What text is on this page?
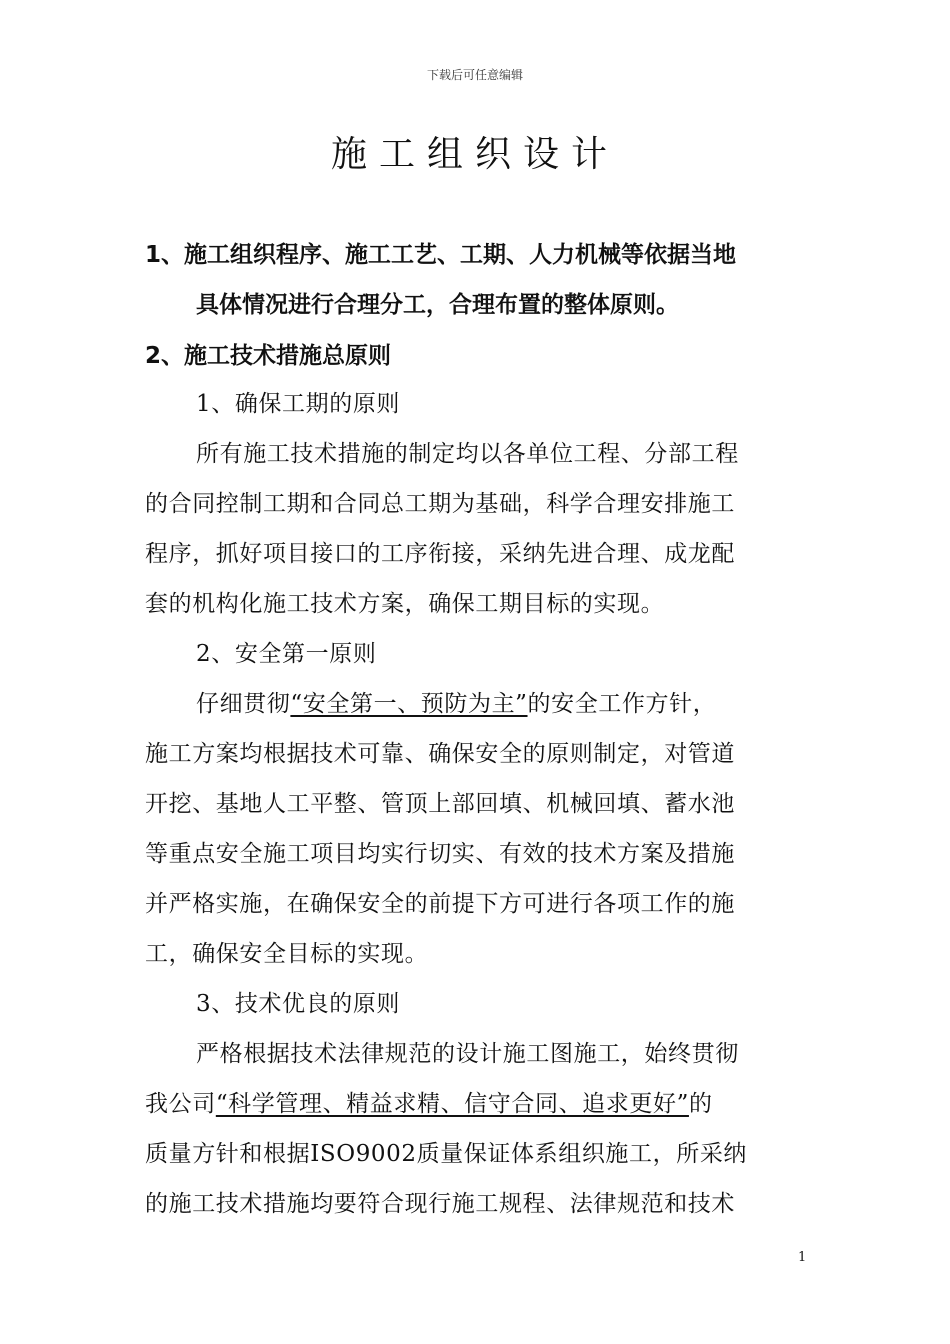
下载后可任意编辑
施工组织设计
1、施工组织程序、施工工艺、工期、人力机械等依据当地
具体情况进行合理分工，合理布置的整体原则。
2、施工技术措施总原则
1、确保工期的原则
所有施工技术措施的制定均以各单位工程、分部工程
的合同控制工期和合同总工期为基础，科学合理安排施工
程序，抓好项目接口的工序衔接，采纳先进合理、成龙配
套的机构化施工技术方案，确保工期目标的实现。
2、安全第一原则
仔细贯彻“安全第一、预防为主”的安全工作方针，
施工方案均根据技术可靠、确保安全的原则制定，对管道
开挖、基地人工平整、管顶上部回填、机械回填、蓄水池
等重点安全施工项目均实行切实、有效的技术方案及措施
并严格实施，在确保安全的前提下方可进行各项工作的施
工，确保安全目标的实现。
3、技术优良的原则
严格根据技术法律规范的设计施工图施工，始终贯彻
我公司“科学管理、精益求精、信守合同、追求更好”的
质量方针和根据ISO9002质量保证体系组织施工，所采纳
的施工技术措施均要符合现行施工规程、法律规范和技术
1
